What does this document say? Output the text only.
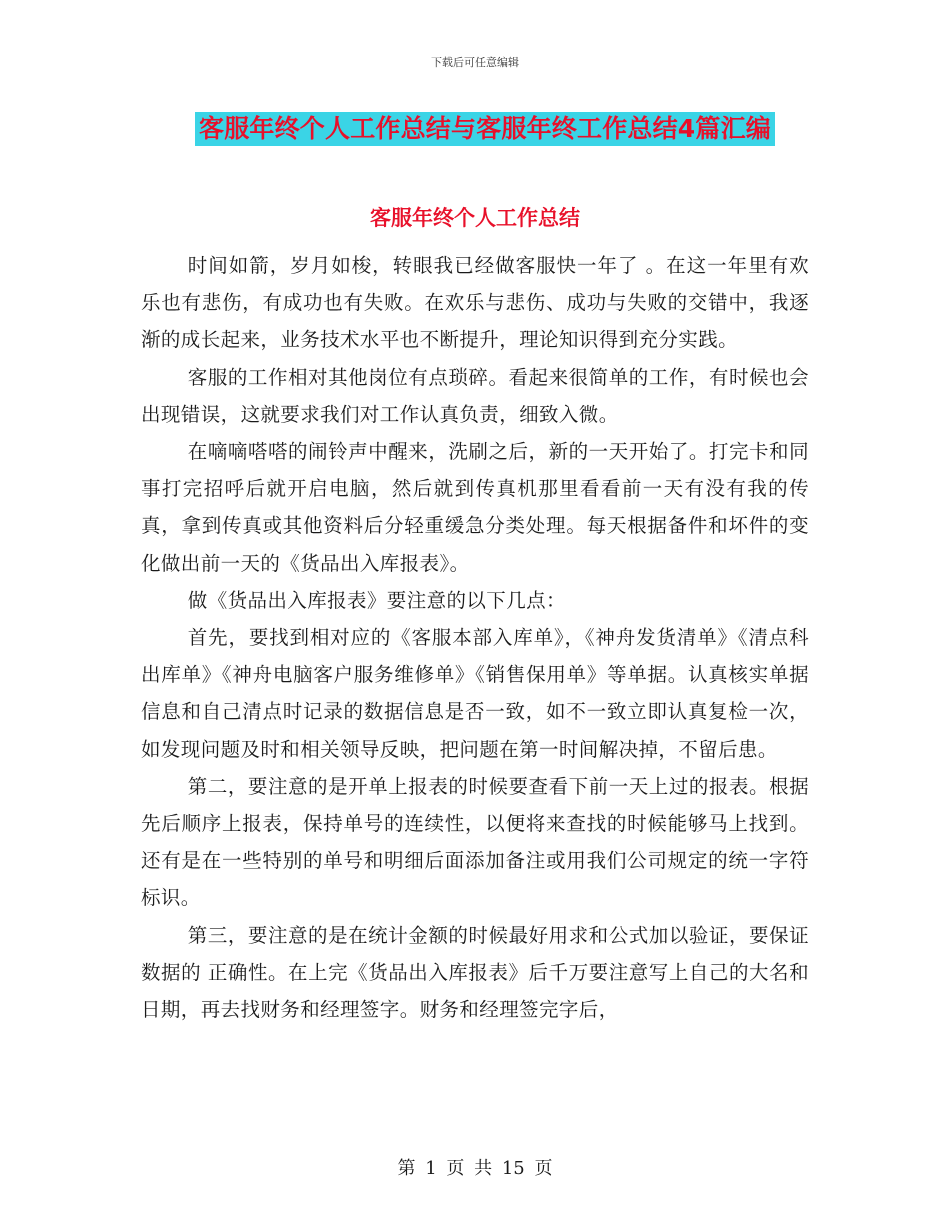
下载后可任意编辑
客服年终个人工作总结与客服年终工作总结4篇汇编
客服年终个人工作总结

时间如箭，岁月如梭，转眼我已经做客服快一年了 。在这一年里有欢乐也有悲伤，有成功也有失败。在欢乐与悲伤、成功与失败的交错中，我逐渐的成长起来，业务技术水平也不断提升，理论知识得到充分实践。

客服的工作相对其他岗位有点琐碎。看起来很简单的工作，有时候也会出现错误，这就要求我们对工作认真负责，细致入微。

在嘀嘀嗒嗒的闹铃声中醒来，洗刷之后，新的一天开始了。打完卡和同事打完招呼后就开启电脑，然后就到传真机那里看看前一天有没有我的传真，拿到传真或其他资料后分轻重缓急分类处理。每天根据备件和坏件的变化做出前一天的《货品出入库报表》。

做《货品出入库报表》要注意的以下几点：

首先，要找到相对应的《客服本部入库单》，《神舟发货清单》《清点科出库单》《神舟电脑客户服务维修单》《销售保用单》等单据。认真核实单据信息和自己清点时记录的数据信息是否一致，如不一致立即认真复检一次，如发现问题及时和相关领导反映，把问题在第一时间解决掉，不留后患。

第二，要注意的是开单上报表的时候要查看下前一天上过的报表。根据先后顺序上报表，保持单号的连续性，以便将来查找的时候能够马上找到。还有是在一些特别的单号和明细后面添加备注或用我们公司规定的统一字符标识。

第三，要注意的是在统计金额的时候最好用求和公式加以验证，要保证数据的 正确性。在上完《货品出入库报表》后千万要注意写上自己的大名和日期，再去找财务和经理签字。财务和经理签完字后，

第 1 页 共 15 页
